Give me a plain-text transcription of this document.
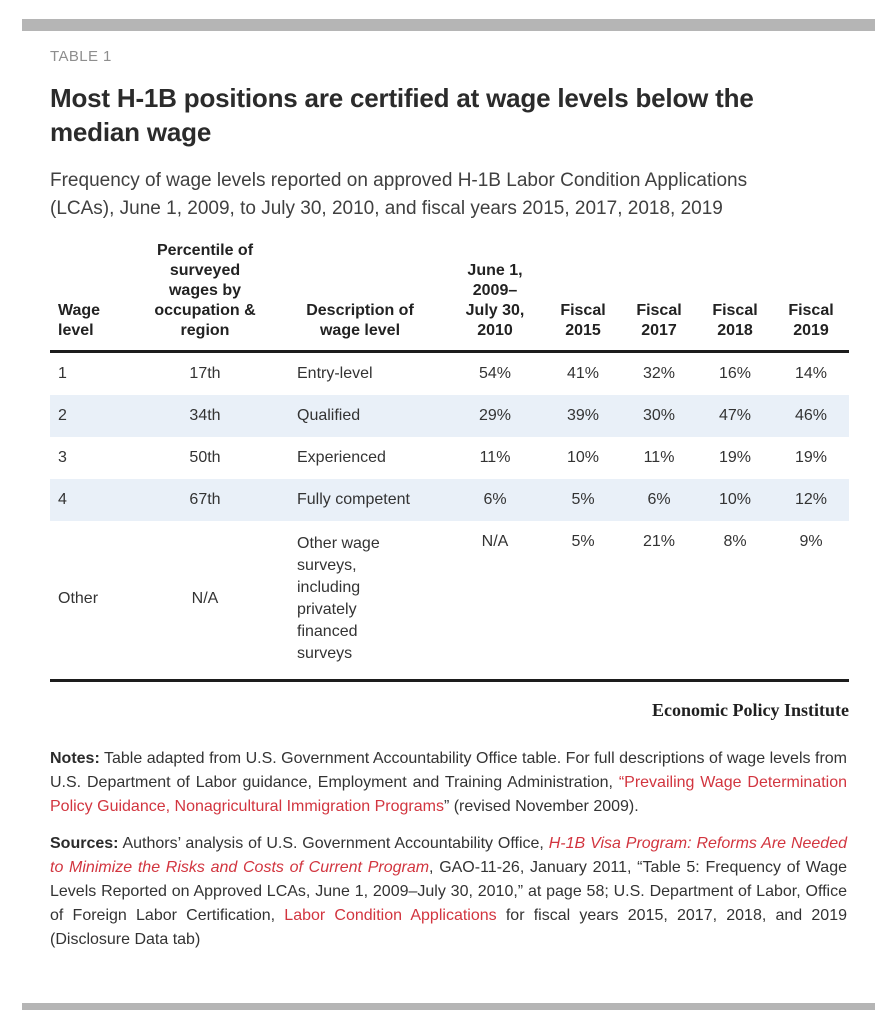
TABLE 1
Most H-1B positions are certified at wage levels below the median wage

Frequency of wage levels reported on approved H-1B Labor Condition Applications (LCAs), June 1, 2009, to July 30, 2010, and fiscal years 2015, 2017, 2018, 2019

Wage level	Percentile of surveyed wages by occupation & region	Description of wage level	June 1, 2009–July 30, 2010	Fiscal 2015	Fiscal 2017	Fiscal 2018	Fiscal 2019
1	17th	Entry-level	54%	41%	32%	16%	14%
2	34th	Qualified	29%	39%	30%	47%	46%
3	50th	Experienced	11%	10%	11%	19%	19%
4	67th	Fully competent	6%	5%	6%	10%	12%
Other	N/A	Other wage surveys, including privately financed surveys	N/A	5%	21%	8%	9%
Economic Policy Institute

Notes: Table adapted from U.S. Government Accountability Office table. For full descriptions of wage levels from U.S. Department of Labor guidance, Employment and Training Administration, “Prevailing Wage Determination Policy Guidance, Nonagricultural Immigration Programs” (revised November 2009).

Sources: Authors’ analysis of U.S. Government Accountability Office, H-1B Visa Program: Reforms Are Needed to Minimize the Risks and Costs of Current Program, GAO-11-26, January 2011, “Table 5: Frequency of Wage Levels Reported on Approved LCAs, June 1, 2009–July 30, 2010,” at page 58; U.S. Department of Labor, Office of Foreign Labor Certification, Labor Condition Applications for fiscal years 2015, 2017, 2018, and 2019 (Disclosure Data tab)
